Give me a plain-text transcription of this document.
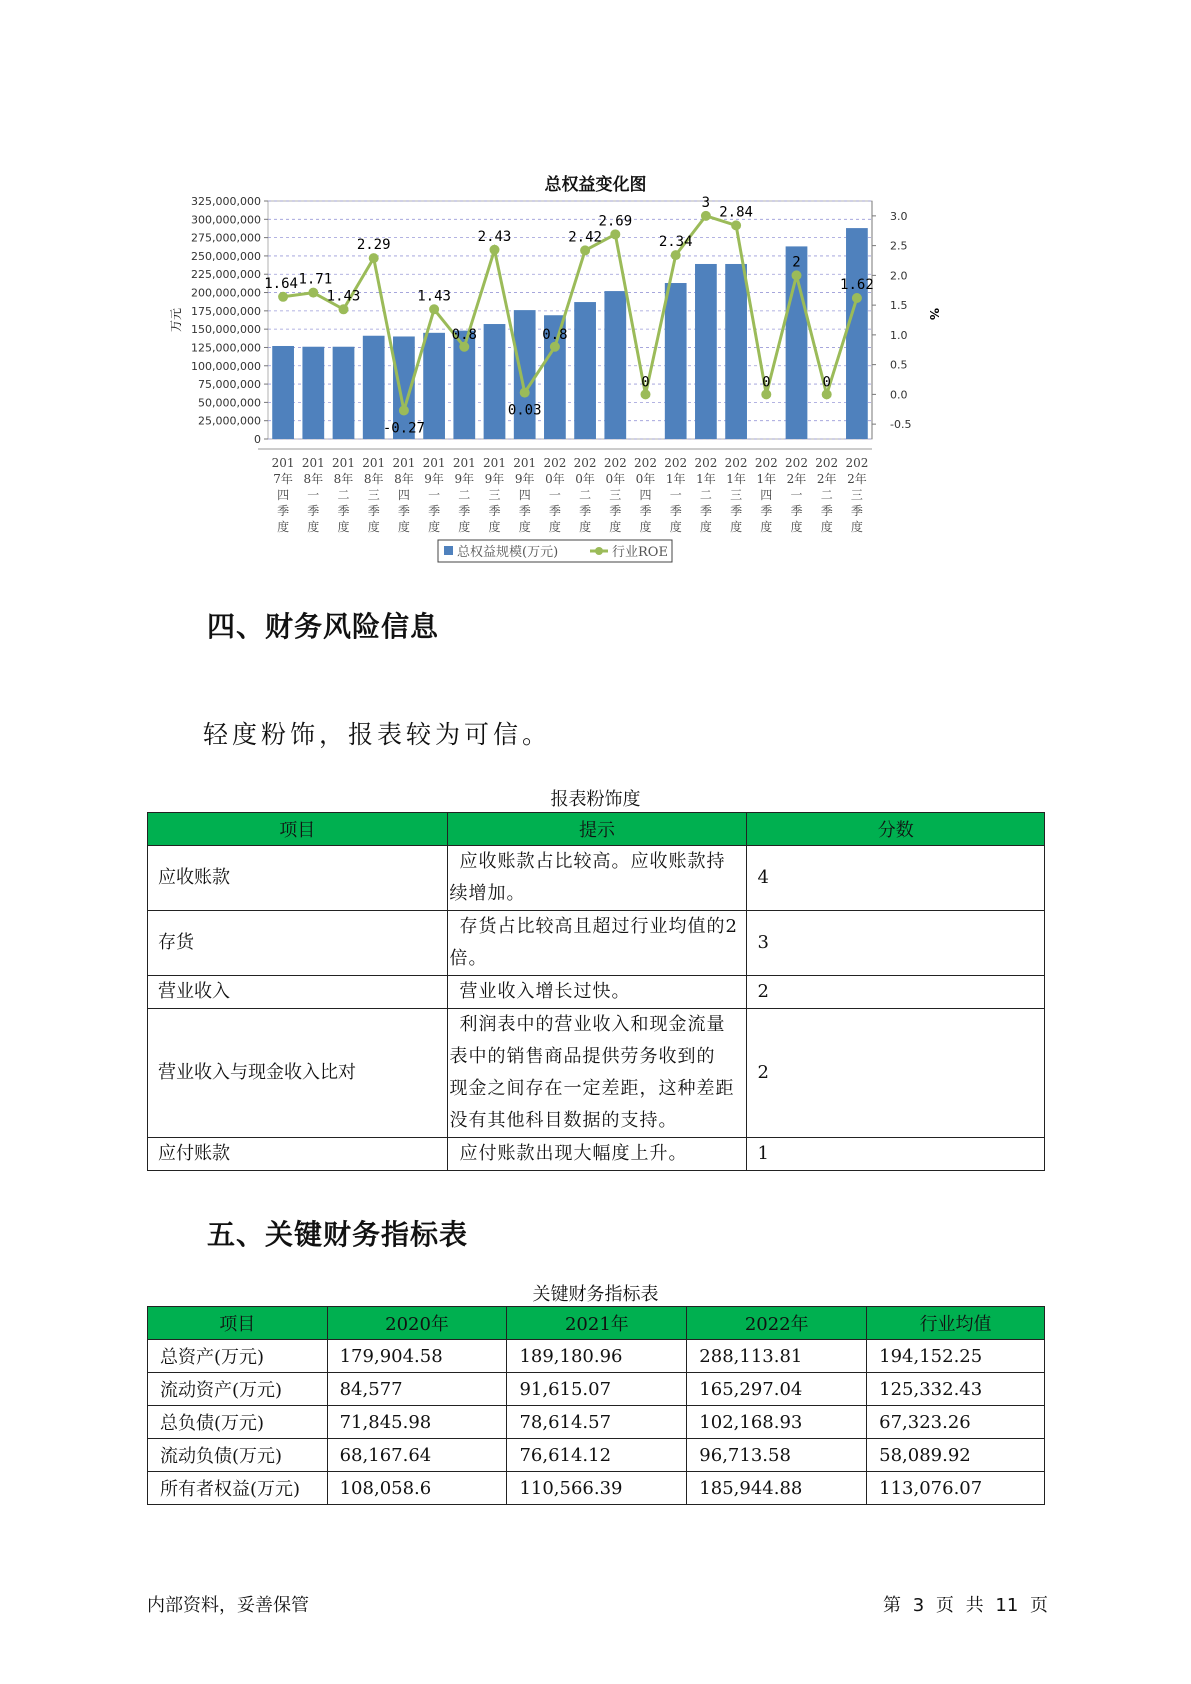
总权益变化图
325,000,000
300,000,000
275,000,000
250,000,000
225,000,000
200,000,000
175,000,000
150,000,000
125,000,000
100,000,000
75,000,000
50,000,000
25,000,000
0
3.0
2.5
2.0
1.5
1.0
0.5
0.0
-0.5
万元	%
201 7年四季度
201 8年一季度
201 8年二季度
201 8年三季度
201 8年四季度
201 9年一季度
201 9年二季度
201 9年三季度
201 9年四季度
202 0年一季度
202 0年二季度
202 0年三季度
202 0年四季度
202 1年一季度
202 1年二季度
202 1年三季度
202 1年四季度
202 2年一季度
202 2年二季度
202 2年三季度
1.64 1.71
1.43
2.29
-0.27
1.43
0.8
2.43
0.03
0.8
2.42
2.69
0
2.34
3
2.84
0
2
0
1.62
总权益规模(万元)	行业ROE
四、财务风险信息
轻度粉饰，报表较为可信。
报表粉饰度
项目	提示	分数
应收账款	应收账款占比较高。应收账款持
续增加。	4
存货	存货占比较高且超过行业均值的2
倍。	3
营业收入	营业收入增长过快。	2
营业收入与现金收入比对	利润表中的营业收入和现金流量
表中的销售商品提供劳务收到的
现金之间存在一定差距，这种差距
没有其他科目数据的支持。	2
应付账款	应付账款出现大幅度上升。	1
五、关键财务指标表
关键财务指标表
项目	2020年	2021年	2022年	行业均值
总资产(万元)	179,904.58	189,180.96	288,113.81	194,152.25
流动资产(万元)	84,577	91,615.07	165,297.04	125,332.43
总负债(万元)	71,845.98	78,614.57	102,168.93	67,323.26
流动负债(万元)	68,167.64	76,614.12	96,713.58	58,089.92
所有者权益(万元)	108,058.6	110,566.39	185,944.88	113,076.07
内部资料，妥善保管	第 3 页 共 11 页
